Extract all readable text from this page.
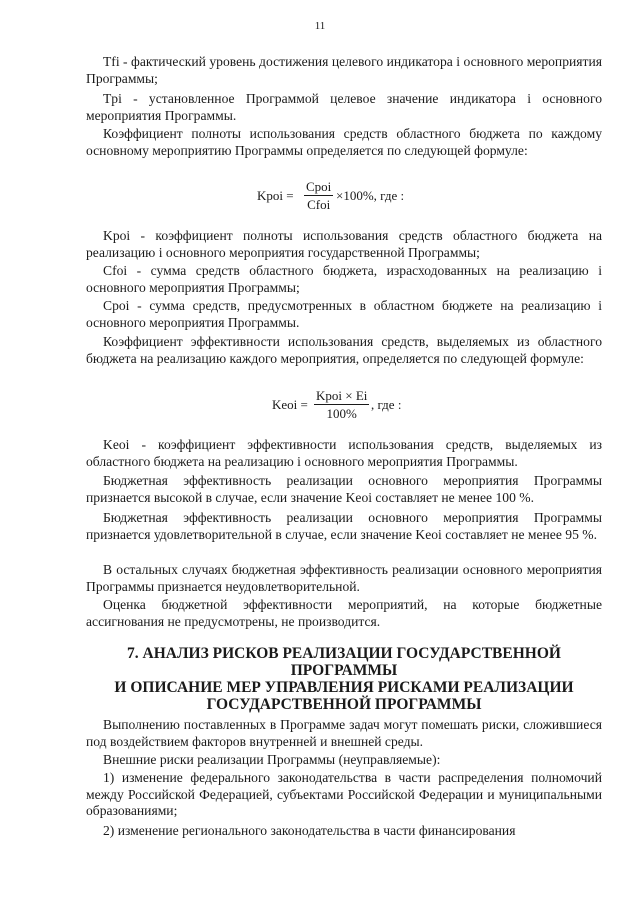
11

Tfi - фактический уровень достижения целевого индикатора i основного мероприятия Программы;

Tpi - установленное Программой целевое значение индикатора i основного мероприятия Программы.

Коэффициент полноты использования средств областного бюджета по каждому основному мероприятию Программы определяется по следующей формуле:

Kpoi =
Cpoi
Cfoi
×100%, где :

Kpoi - коэффициент полноты использования средств областного бюджета на реализацию i основного мероприятия государственной Программы;

Cfoi - сумма средств областного бюджета, израсходованных на реализацию i основного мероприятия Программы;

Cpoi - сумма средств, предусмотренных в областном бюджете на реализацию i основного мероприятия Программы.

Коэффициент эффективности использования средств, выделяемых из областного бюджета на реализацию каждого мероприятия, определяется по следующей формуле:

Keoi =
Kpoi × Ei
100%
, где :

Keoi - коэффициент эффективности использования средств, выделяемых из областного бюджета на реализацию i основного мероприятия Программы.

Бюджетная эффективность реализации основного мероприятия Программы признается высокой в случае, если значение Keoi составляет не менее 100 %.

Бюджетная эффективность реализации основного мероприятия Программы признается удовлетворительной в случае, если значение Keoi составляет не менее 95 %.

В остальных случаях бюджетная эффективность реализации основного мероприятия Программы признается неудовлетворительной.

Оценка бюджетной эффективности мероприятий, на которые бюджетные ассигнования не предусмотрены, не производится.

7. АНАЛИЗ РИСКОВ РЕАЛИЗАЦИИ ГОСУДАРСТВЕННОЙ ПРОГРАММЫ
И ОПИСАНИЕ МЕР УПРАВЛЕНИЯ РИСКАМИ РЕАЛИЗАЦИИ
ГОСУДАРСТВЕННОЙ ПРОГРАММЫ

Выполнению поставленных в Программе задач могут помешать риски, сложившиеся под воздействием факторов внутренней и внешней среды.

Внешние риски реализации Программы (неуправляемые):

1) изменение федерального законодательства в части распределения полномочий между Российской Федерацией, субъектами Российской Федерации и муниципальными образованиями;

2) изменение регионального законодательства в части финансирования
